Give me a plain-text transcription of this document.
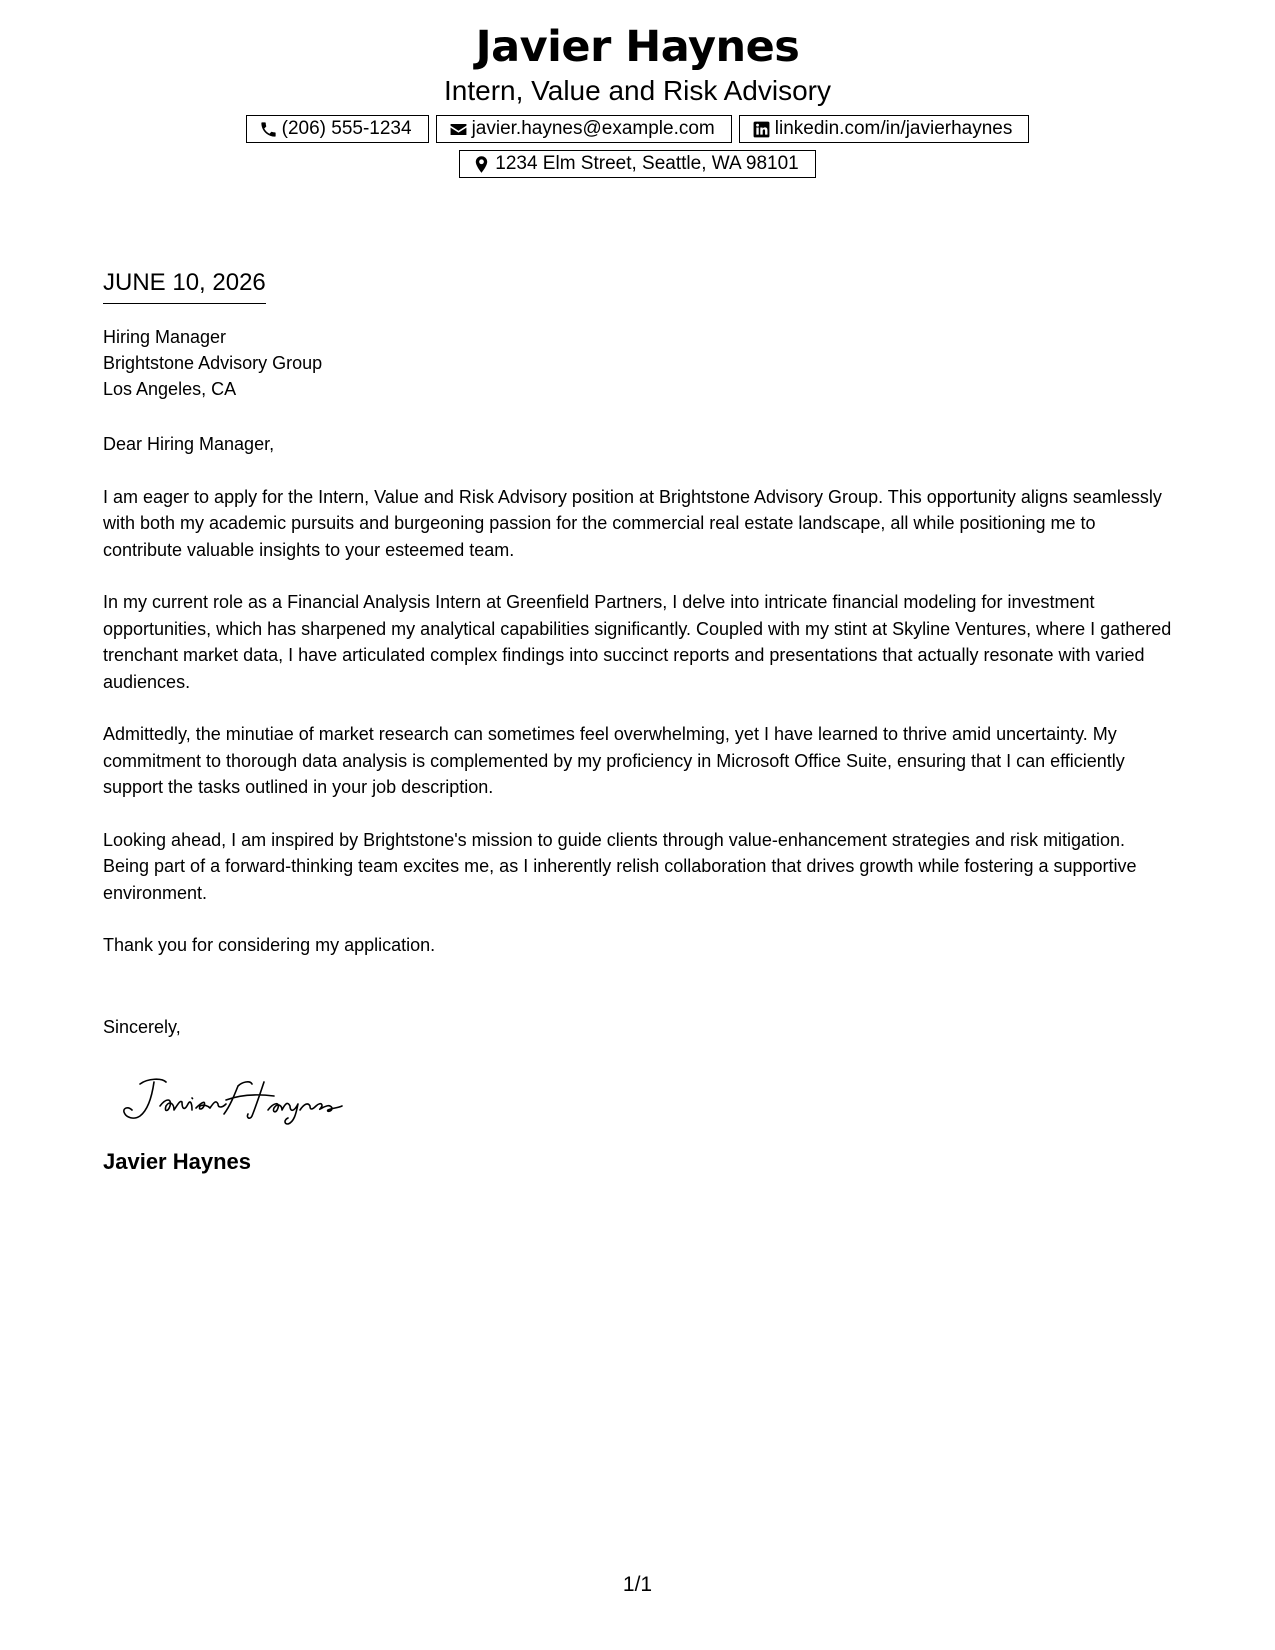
Javier Haynes
Intern, Value and Risk Advisory
(206) 555-1234	javier.haynes@example.com	linkedin.com/in/javierhaynes
1234 Elm Street, Seattle, WA 98101
JUNE 10, 2026
Hiring Manager
Brightstone Advisory Group
Los Angeles, CA

Dear Hiring Manager,

I am eager to apply for the Intern, Value and Risk Advisory position at Brightstone Advisory Group. This opportunity aligns seamlessly with both my academic pursuits and burgeoning passion for the commercial real estate landscape, all while positioning me to contribute valuable insights to your esteemed team.

In my current role as a Financial Analysis Intern at Greenfield Partners, I delve into intricate financial modeling for investment opportunities, which has sharpened my analytical capabilities significantly. Coupled with my stint at Skyline Ventures, where I gathered trenchant market data, I have articulated complex findings into succinct reports and presentations that actually resonate with varied audiences.

Admittedly, the minutiae of market research can sometimes feel overwhelming, yet I have learned to thrive amid uncertainty. My commitment to thorough data analysis is complemented by my proficiency in Microsoft Office Suite, ensuring that I can efficiently support the tasks outlined in your job description.

Looking ahead, I am inspired by Brightstone's mission to guide clients through value-enhancement strategies and risk mitigation. Being part of a forward-thinking team excites me, as I inherently relish collaboration that drives growth while fostering a supportive environment.

Thank you for considering my application.

Sincerely,

Javier Haynes
1/1
